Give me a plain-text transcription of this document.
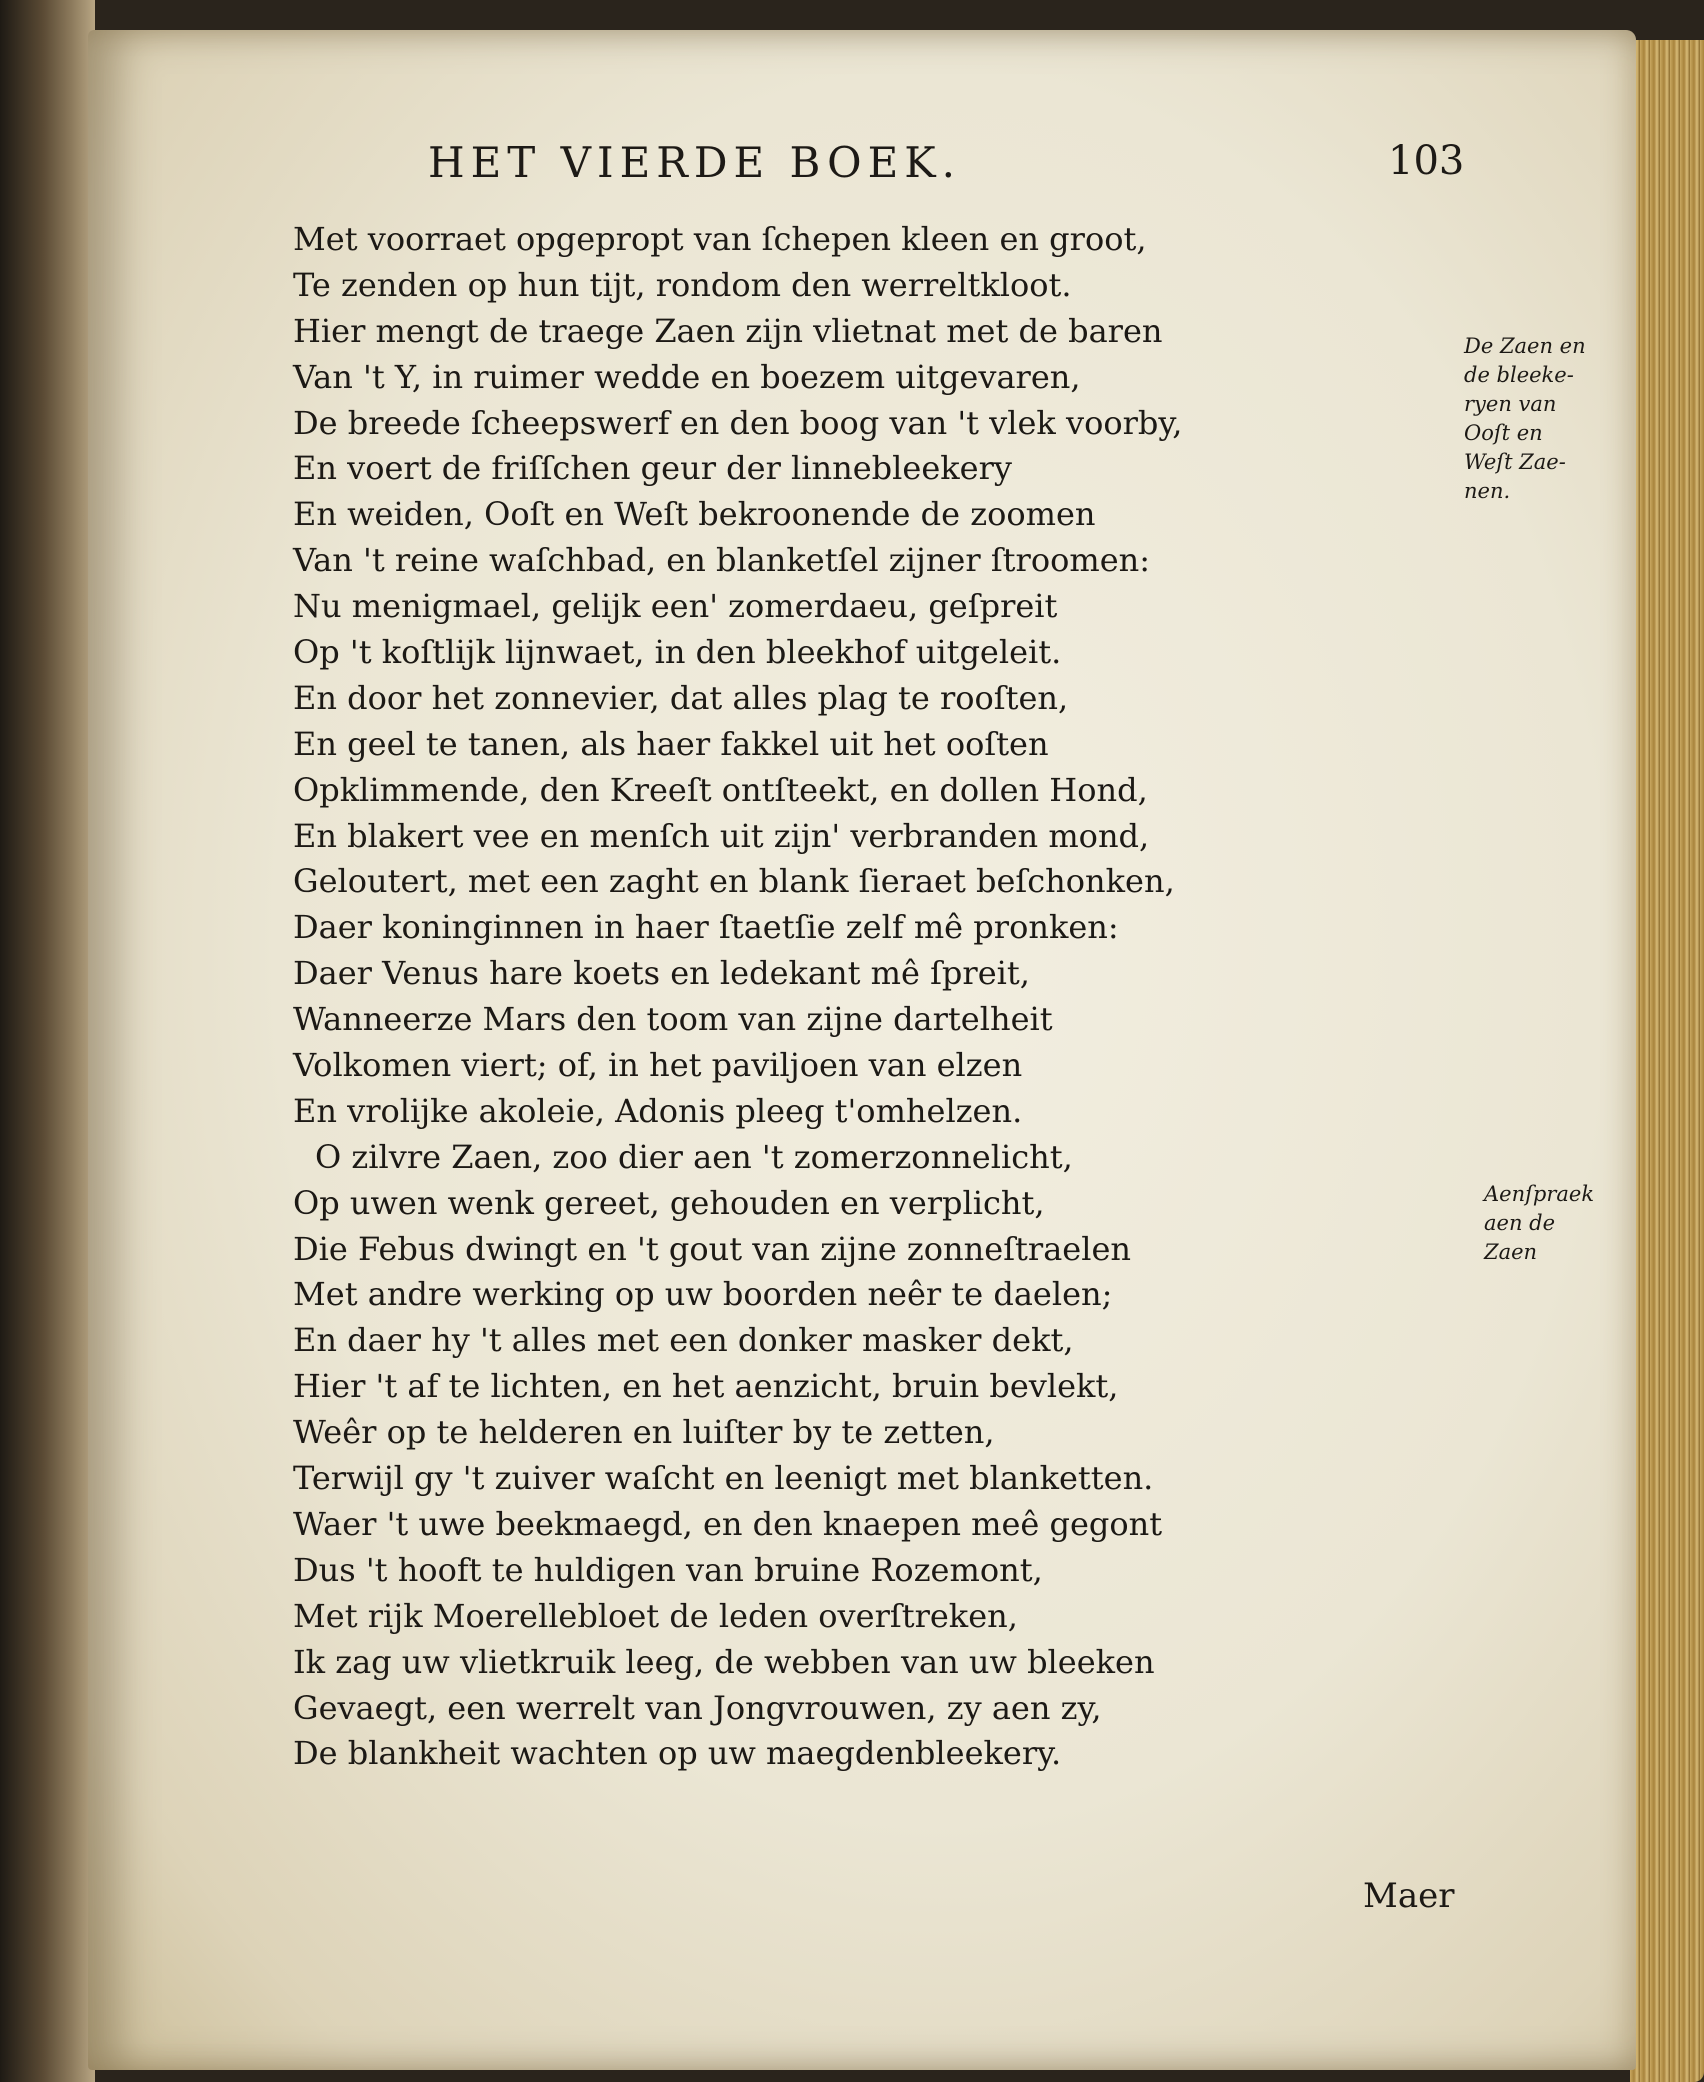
HET VIERDE BOEK.	103
Met voorraet opgepropt van ſchepen kleen en groot,
Te zenden op hun tijt, rondom den werreltkloot.
Hier mengt de traege Zaen zijn vlietnat met de baren
Van 't Y, in ruimer wedde en boezem uitgevaren,
De breede ſcheepswerf en den boog van 't vlek voorby,
En voert de friſſchen geur der linnebleekery
En weiden, Ooſt en Weſt bekroonende de zoomen
Van 't reine waſchbad, en blanketſel zijner ſtroomen:
Nu menigmael, gelijk een' zomerdaeu, geſpreit
Op 't koſtlijk lijnwaet, in den bleekhof uitgeleit.
En door het zonnevier, dat alles plag te rooſten,
En geel te tanen, als haer fakkel uit het ooſten
Opklimmende, den Kreeſt ontſteekt, en dollen Hond,
En blakert vee en menſch uit zijn' verbranden mond,
Geloutert, met een zaght en blank ſieraet beſchonken,
Daer koninginnen in haer ſtaetſie zelf mê pronken:
Daer Venus hare koets en ledekant mê ſpreit,
Wanneerze Mars den toom van zijne dartelheit
Volkomen viert; of, in het paviljoen van elzen
En vrolijke akoleie, Adonis pleeg t'omhelzen.
O zilvre Zaen, zoo dier aen 't zomerzonnelicht,
Op uwen wenk gereet, gehouden en verplicht,
Die Febus dwingt en 't gout van zijne zonneſtraelen
Met andre werking op uw boorden neêr te daelen;
En daer hy 't alles met een donker masker dekt,
Hier 't af te lichten, en het aenzicht, bruin bevlekt,
Weêr op te helderen en luiſter by te zetten,
Terwijl gy 't zuiver waſcht en leenigt met blanketten.
Waer 't uwe beekmaegd, en den knaepen meê gegont
Dus 't hooft te huldigen van bruine Rozemont,
Met rijk Moerellebloet de leden overſtreken,
Ik zag uw vlietkruik leeg, de webben van uw bleeken
Gevaegt, een werrelt van Jongvrouwen, zy aen zy,
De blankheit wachten op uw maegdenbleekery.
De Zaen en
de bleeke-
ryen van
Ooſt en
Weſt Zae-
nen.
Aenſpraek
aen de
Zaen
Maer
